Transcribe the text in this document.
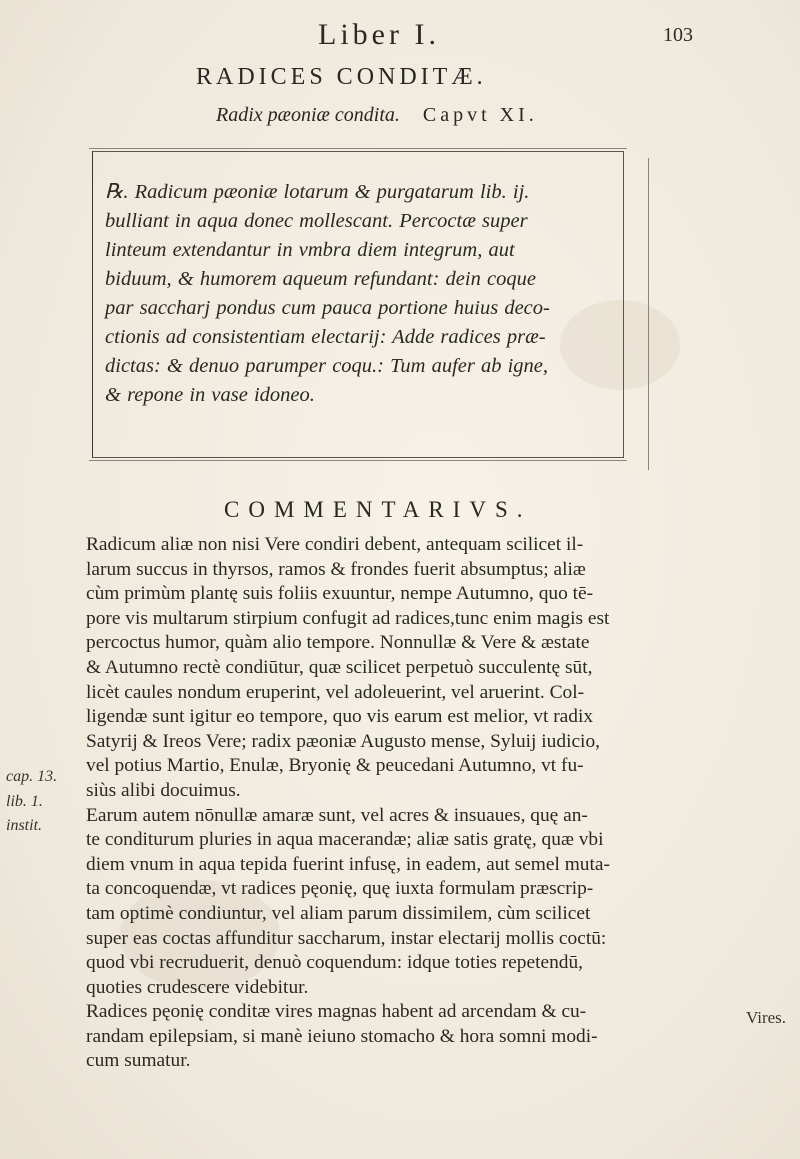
Liber I.	103
RADICES CONDITÆ.
Radix pæoniæ condita. Capvt XI.
℞. Radicum pæoniæ lotarum & purgatarum lib. ij.
bulliant in aqua donec mollescant. Percoctæ super
linteum extendantur in vmbra diem integrum, aut
biduum, & humorem aqueum refundant: dein coque
par saccharj pondus cum pauca portione huius deco-
ctionis ad consistentiam electarij: Adde radices præ-
dictas: & denuo parumper coqu.: Tum aufer ab igne,
& repone in vase idoneo.
COMMENTARIVS.

Radicum aliæ non nisi Vere condiri debent, antequam scilicet il-

larum succus in thyrsos, ramos & frondes fuerit absumptus; aliæ

cùm primùm plantę suis foliis exuuntur, nempe Autumno, quo tē-

pore vis multarum stirpium confugit ad radices,tunc enim magis est

percoctus humor, quàm alio tempore. Nonnullæ & Vere & æstate

& Autumno rectè condiūtur, quæ scilicet perpetuò succulentę sūt,

licèt caules nondum eruperint, vel adoleuerint, vel aruerint. Col-

ligendæ sunt igitur eo tempore, quo vis earum est melior, vt radix

Satyrij & Ireos Vere; radix pæoniæ Augusto mense, Syluij iudicio,

vel potius Martio, Enulæ, Bryonię & peucedani Autumno, vt fu-

siùs alibi docuimus.

Earum autem nōnullæ amaræ sunt, vel acres & insuaues, quę an-

te conditurum pluries in aqua macerandæ; aliæ satis gratę, quæ vbi

diem vnum in aqua tepida fuerint infusę, in eadem, aut semel muta-

ta concoquendæ, vt radices pęonię, quę iuxta formulam præscrip-

tam optimè condiuntur, vel aliam parum dissimilem, cùm scilicet

super eas coctas affunditur saccharum, instar electarij mollis coctū:

quod vbi recruduerit, denuò coquendum: idque toties repetendū,

quoties crudescere videbitur.

Radices pęonię conditæ vires magnas habent ad arcendam & cu-

randam epilepsiam, si manè ieiuno stomacho & hora somni modi-

cum sumatur.

cap. 13.
lib. 1.
instit.
Vires.
